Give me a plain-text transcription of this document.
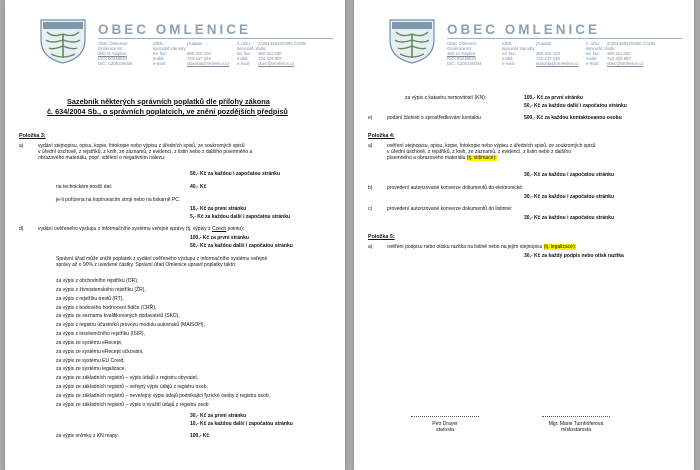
OBEC OMLENICE
Obec Omlenice
Omlenice 64
382 41 Kaplice
IČO: 00246034
DIČ: CZ00246034
IdDS:
kancelář starosty:
tel. fax:
mobil:
e-mail:
j7uaaa2

380 315 103
724 147 246
starosta@omlenice.cz
č. účtu:
kancelář úřadu:
tel. fax:
mobil:
e-mail:
2320145032/0300 ČSOB

380 311 630
724 424 897
obec@omlenice.cz
Sazebník některých správních poplatků dle přílohy zákona
č. 634/2004 Sb., o správních poplatcích, ve znění pozdějších předpisů
Položka 3:
a)	vydání stejnopisu, opisu, kopie, fotokopie nebo výpisu z úředních spisů, ze soukromých spisů
v úřední úschově, z rejstříků, z knih, ze záznamů, z evidencí, z listin nebo z dalšího písemného a
obrazového materiálu, popř. sdělení o negativním nálezu:
50,- Kč za každou i započatou stránku
na technickém nosiči dat:	40,- Kč
je-li pořízena na kopírovacím stroji nebo na tiskárně PC:
15,- Kč za první stránku
5,- Kč za každou další i započatou stránku
d)	vydání ověřeného výstupu z informačního systému veřejné správy (tj. výpisy z Czech pointu):
100,- Kč za první stránku
50,- Kč za každou další i započatou stránku
Správní úřad může snížit poplatek z vydání ověřeného výstupu z informačního systému veřejné
správy až o 90% z uvedené částky. Správní úřad Omlenice upravil poplatky takto:
za výpis z obchodního rejstříku (OR),
za výpis z živnostenského rejstříku (ŽR),
za výpis z rejstříku trestů (RT),
za výpis z bodového hodnocení řidiče (CRŘ),
za výpis ze seznamu kvalifikovaných dodavatelů (SKD),
za výpis z registru účastníků provozu modulu autovraků (MAISOH),
za výpis z insolvenčního rejstříku (ISIR),
za výpis ze systému eRecept,
za výpis ze systému eRecept očkování,
za výpis ze systému EU Covid,
za výpis ze systému legalizace,
za výpis ze základních registrů – výpis údajů z registru obyvatel,
za výpis ze základních registrů – veřejný výpis údajů z registru osob,
za výpis ze základních registrů – neveřejný výpis údajů podnikající fyzické osoby z registru osob,
za výpis ze základních registrů – výpis o využití údajů z registru osob
30,- Kč za první stránku
10,- Kč za každou další i započatou stránku
za výpis snímku z KN mapy:	100,- Kč
OBEC OMLENICE
Obec Omlenice
Omlenice 64
382 41 Kaplice
IČO: 00246034
DIČ: CZ00246034
IdDS:
kancelář starosty:
tel. fax:
mobil:
e-mail:
j7uaaa2

380 315 103
724 147 246
starosta@omlenice.cz
č. účtu:
kancelář úřadu:
tel. fax:
mobil:
e-mail:
2320145032/0300 ČSOB

380 311 630
724 424 897
obec@omlenice.cz
za výpis z katastru nemovitostí (KN):	100,- Kč za první stránku
50,- Kč za každou další i započatou stránku
e)	podání žádosti o zprostředkování kontaktu	500,- Kč za každou kontaktovanou osobu
Položka 4:
a)	ověření stejnopisu, opisu, kopie, fotokopie nebo výpisu z úředních spisů, ze soukromých spisů
v úřední úschově, z rejstříků, z knih, ze záznamů, z evidencí, z listin nebo z dalšího
písemného a obrazového materiálu (tj. vidimace):
30,- Kč za každou i započatou stránku
b)	provedení autorizované konverze dokumentů do elektronické:
30,- Kč za každou i započatou stránku
c)	provedení autorizované konverze dokumentů do listinné:
30,- Kč za každou i započatou stránku
Položka 5:
a)	ověření podpisu nebo otisku razítka na listině nebo na jejím stejnopisu (tj. legalizace):
30,- Kč za každý podpis nebo otisk razítka
Petr Drayer
starosta
Mgr. Marie Turnhöferová
místostarosta
